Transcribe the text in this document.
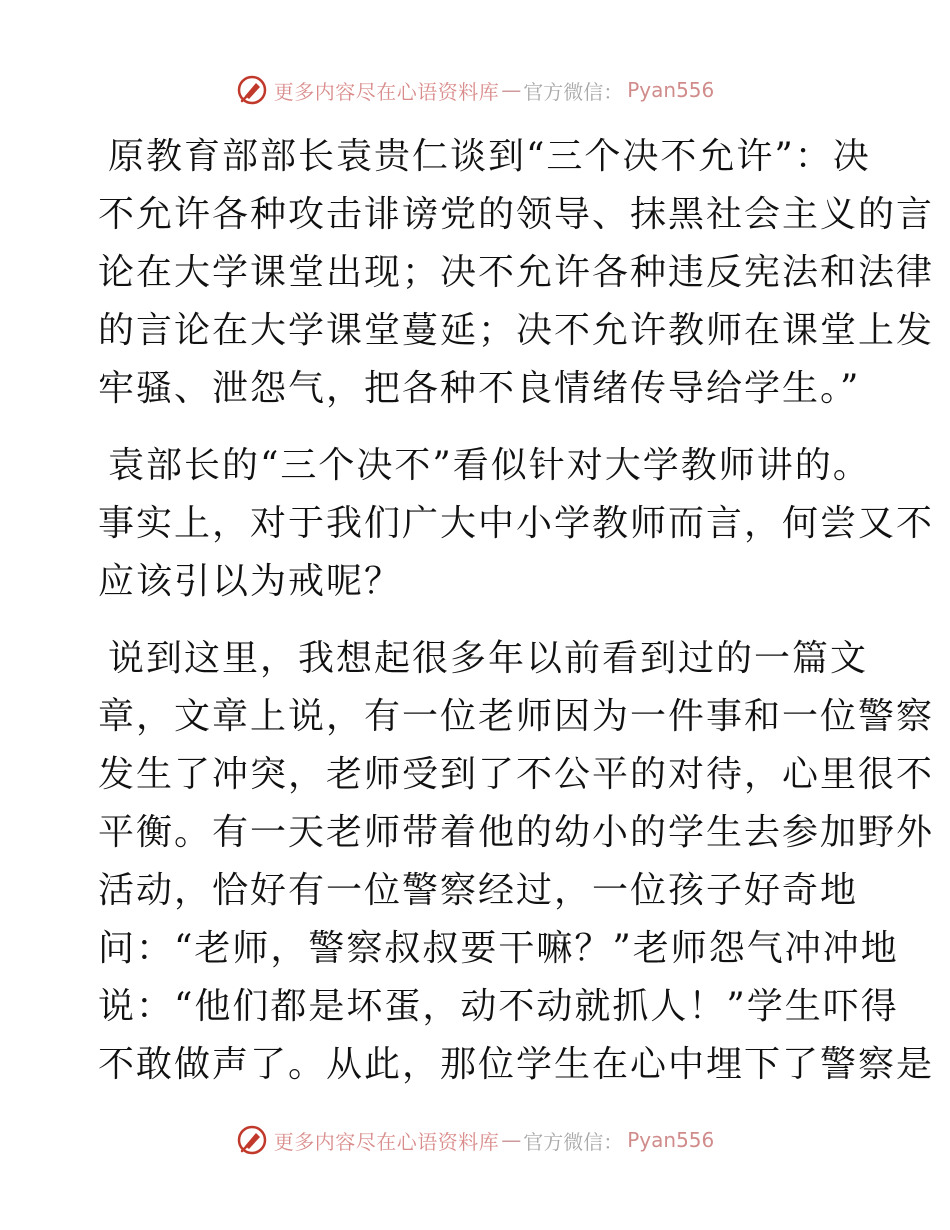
更多内容尽在心语资料库 — 官方微信： Pyan556
原教育部部长袁贵仁谈到“三个决不允许”：决
不允许各种攻击诽谤党的领导、抹黑社会主义的言
论在大学课堂出现；决不允许各种违反宪法和法律
的言论在大学课堂蔓延；决不允许教师在课堂上发
牢骚、泄怨气，把各种不良情绪传导给学生。”
袁部长的“三个决不”看似针对大学教师讲的。
事实上，对于我们广大中小学教师而言，何尝又不
应该引以为戒呢？
说到这里，我想起很多年以前看到过的一篇文
章，文章上说，有一位老师因为一件事和一位警察
发生了冲突，老师受到了不公平的对待，心里很不
平衡。有一天老师带着他的幼小的学生去参加野外
活动，恰好有一位警察经过，一位孩子好奇地
问：“老师，警察叔叔要干嘛？”老师怨气冲冲地
说：“他们都是坏蛋，动不动就抓人！”学生吓得
不敢做声了。从此，那位学生在心中埋下了警察是
更多内容尽在心语资料库 — 官方微信： Pyan556
